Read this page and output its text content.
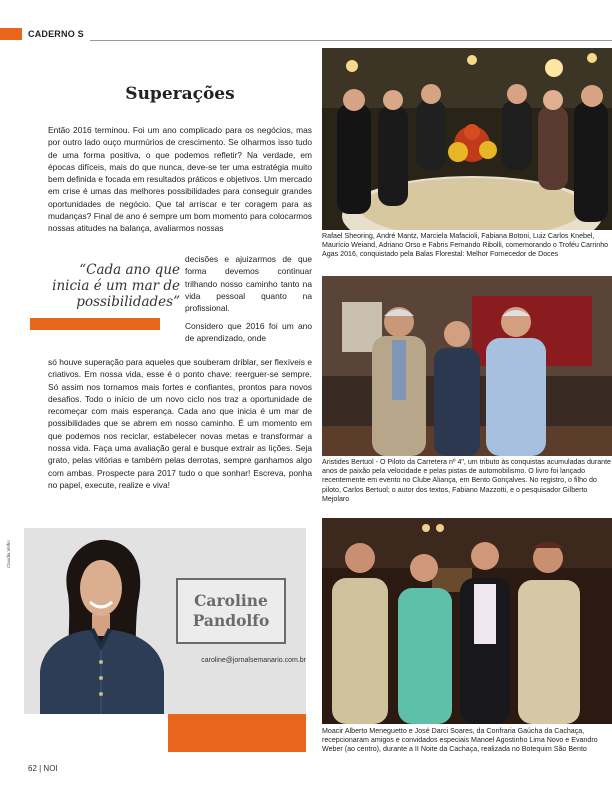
CADERNO S
Superações

Então 2016 terminou. Foi um ano complicado para os negócios, mas por outro lado ouço murmúrios de crescimento. Se olharmos isso tudo de uma forma positiva, o que podemos refletir? Na verdade, em épocas difíceis, mais do que nunca, deve-se ter uma estratégia muito bem definida e focada em resultados práticos e objetivos. Um mercado em crise é umas das melhores possibilidades para conseguir grandes oportunidades de negócio. Que tal arriscar e ter coragem para as mudanças? Final de ano é sempre um bom momento para colocarmos nossas atitudes na balança, avaliarmos nossas

decisões e ajuizarmos de que forma devemos continuar trilhando nosso caminho tanto na vida pessoal quanto na profissional.

Considero que 2016 foi um ano de aprendizado, onde

só houve superação para aqueles que souberam driblar, ser flexíveis e criativos. Em nossa vida, esse é o ponto chave: reerguer-se sempre. Só assim nos tornamos mais fortes e confiantes, prontos para novos desafios. Todo o início de um novo ciclo nos traz a oportunidade de recomeçar com mais esperança. Cada ano que inicia é um mar de possibilidades que se abrem em nosso caminho. É um momento em que podemos nos reciclar, estabelecer novas metas e transformar a nossa vida. Faça uma avaliação geral e busque extrair as lições. Seja grato, pelas vitórias e também pelas derrotas, sempre ganhamos algo com ambas. Prospecte para 2017 tudo o que sonhar! Escreva, ponha no papel, execute, realize e viva!

“Cada ano que inicia é um mar de possibilidades”
Claudia Velho
Caroline
Pandolfo
caroline@jornalsemanario.com.br
62 | NOI
Rafael Sheoring, André Mantz, Marciela Mafacioli, Fabiana Botoni, Luiz Carlos Knebel, Maurício Weiand, Adriano Orso e Fabris Fernando Ribolli, comemorando o Troféu Carrinho Agas 2016, conquistado pela Balas Florestal: Melhor Fornecedor de Doces
Aristides Bertuol - O Piloto da Carretera nº 4", um tributo às conquistas acumuladas durante anos de paixão pela velocidade e pelas pistas de automobilismo. O livro foi lançado recentemente em evento no Clube Aliança, em Bento Gonçalves. No registro, o filho do piloto, Carlos Bertuol; o autor dos textos, Fabiano Mazzotti, e o pesquisador Gilberto Mejolaro
Moacir Alberto Meneguetto e José Darci Soares, da Confraria Gaúcha da Cachaça, recepcionaram amigos e convidados especiais Manoel Agostinho Lima Novo e Evandro Weber (ao centro), durante a II Noite da Cachaça, realizada no Botequim São Bento
